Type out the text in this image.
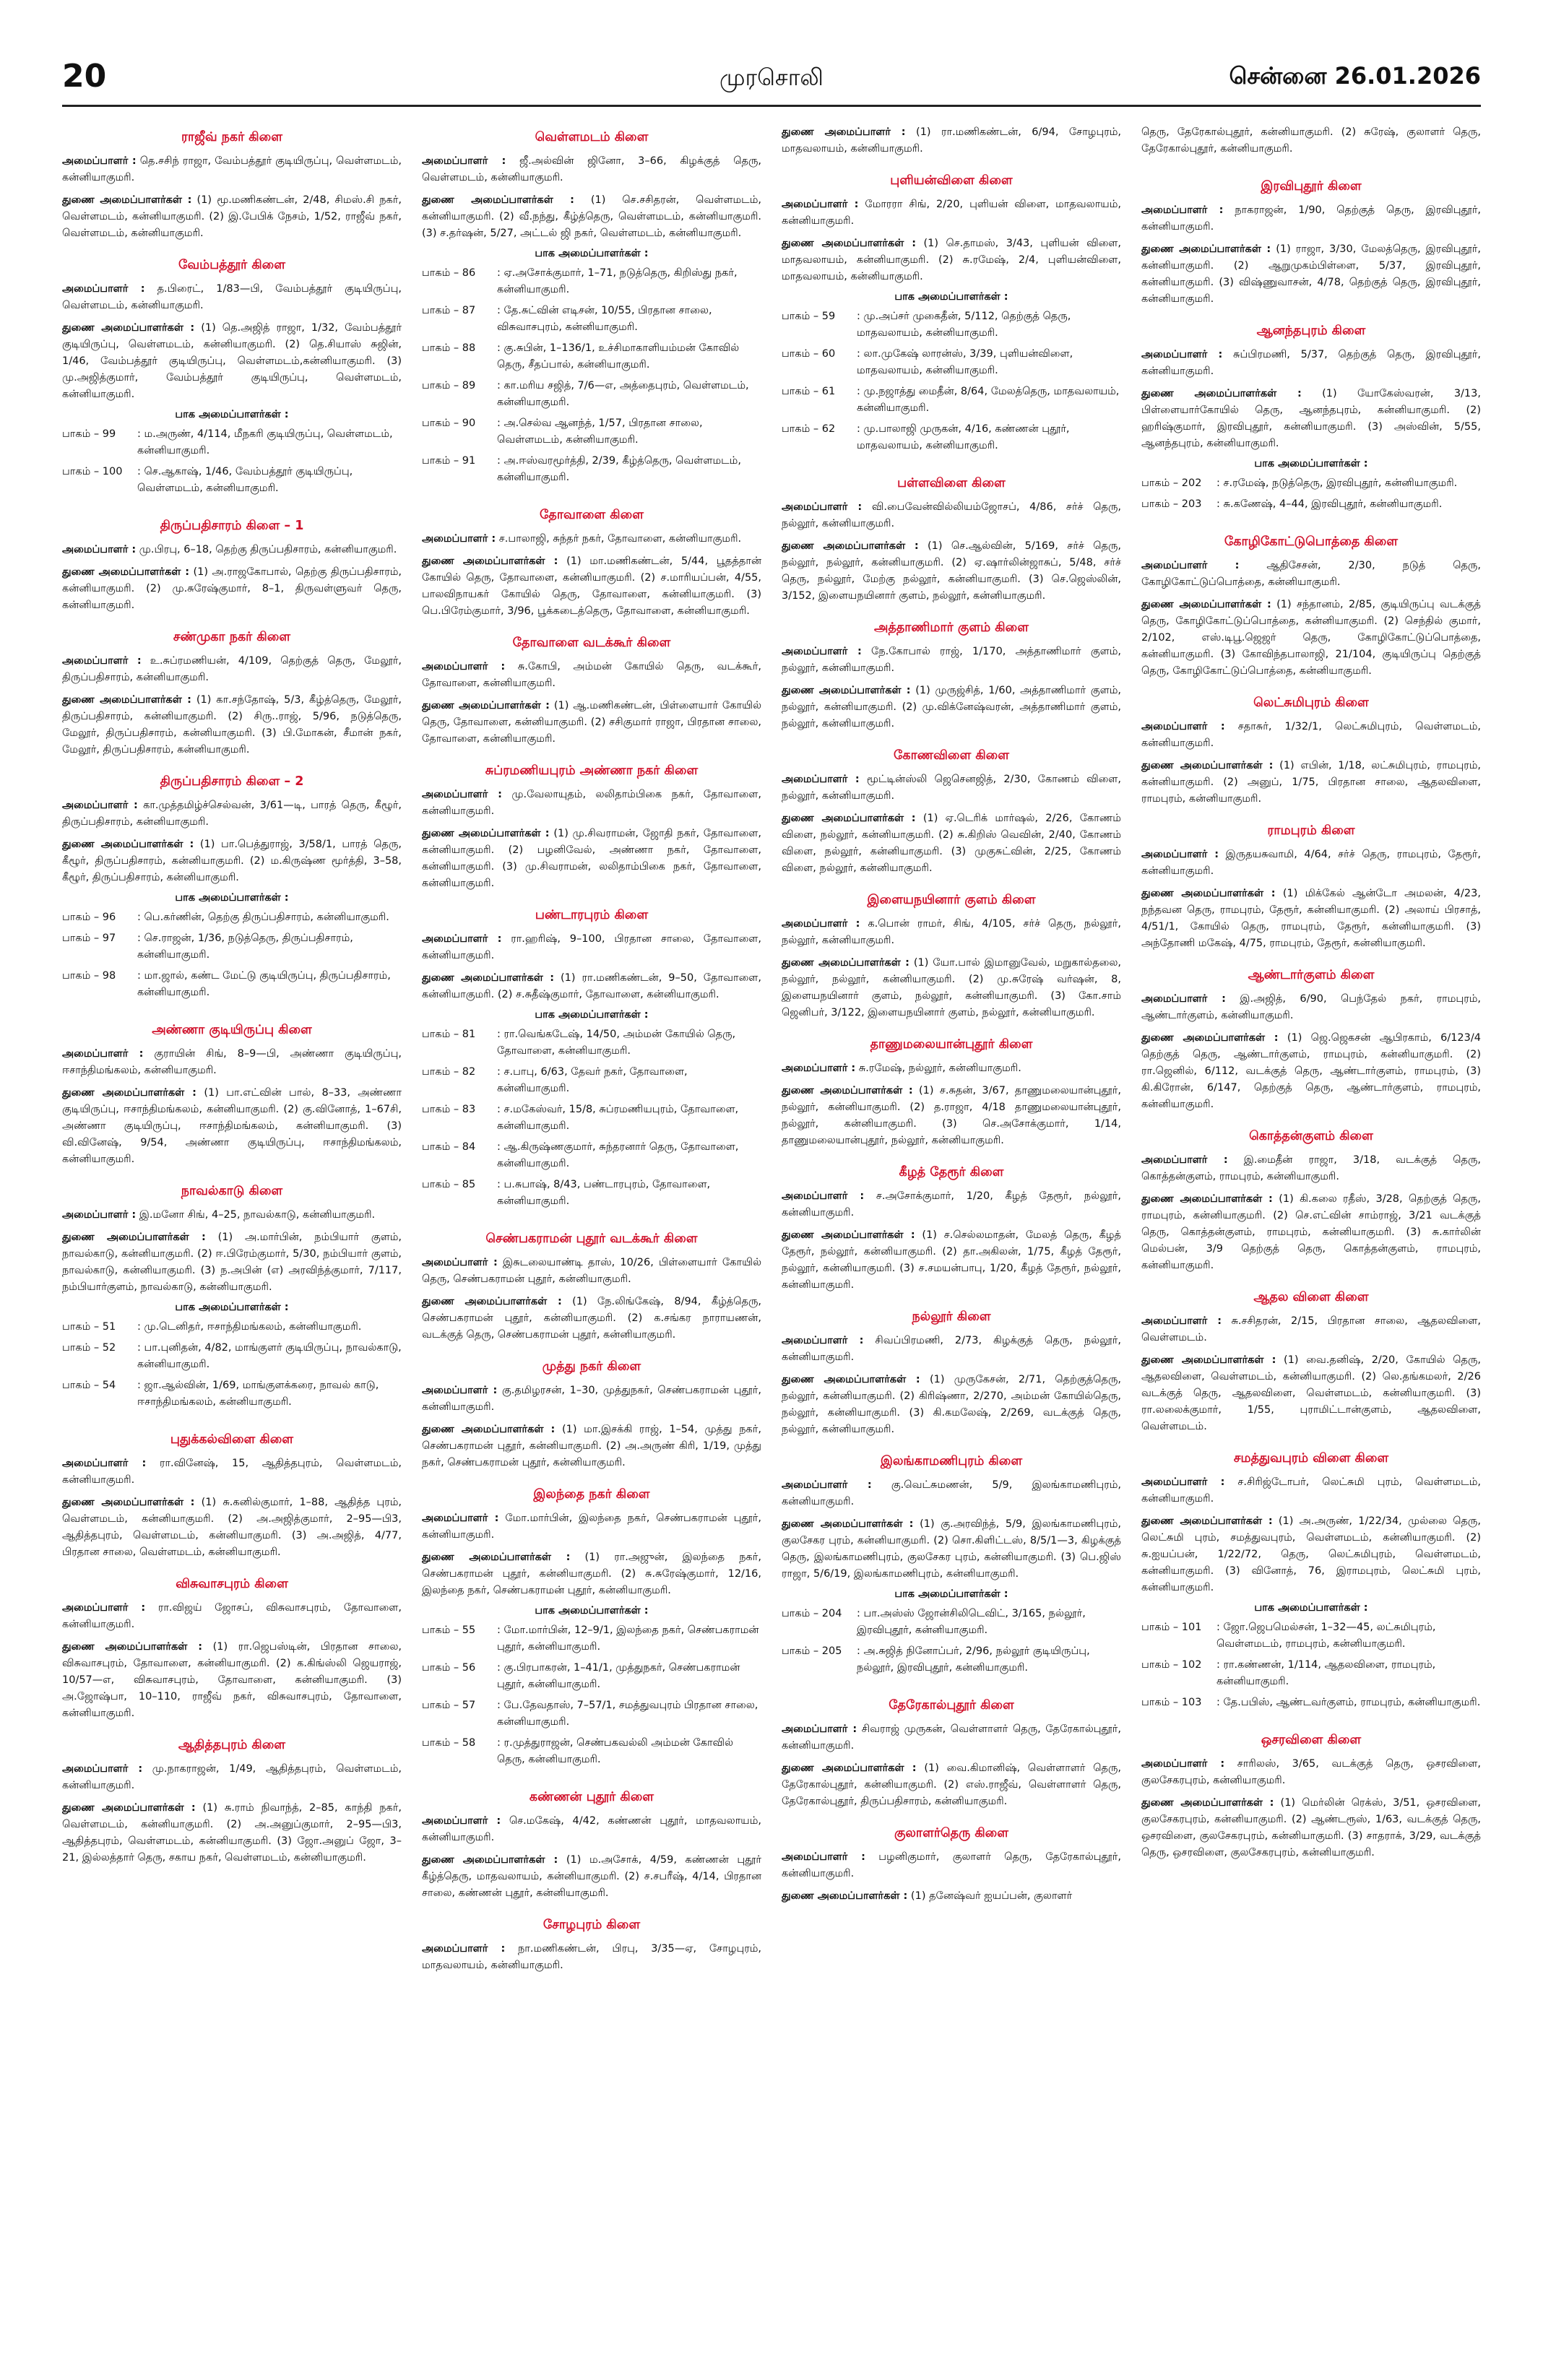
20	முரசொலி	சென்னை 26.01.2026
ராஜீவ் நகர் கிளை
அமைப்பாளர் : தெ.சசிந் ராஜா, வேம்பத்தூர் குடியிருப்பு, வெள்ளமடம், கன்னியாகுமரி.
துணை அமைப்பாளர்கள் : (1) மூ.மணிகண்டன், 2/48, சிமஸ்.சி நகர், வெள்ளமடம், கன்னியாகுமரி. (2) இ.பேபிக் நேசம், 1/52, ராஜீவ் நகர், வெள்ளமடம், கன்னியாகுமரி.
வேம்பத்தூர் கிளை
அமைப்பாளர் : த.பிரைட், 1/83—பி, வேம்பத்தூர் குடியிருப்பு, வெள்ளமடம், கன்னியாகுமரி.
துணை அமைப்பாளர்கள் : (1) தெ.அஜித் ராஜா, 1/32, வேம்பத்தூர் குடியிருப்பு, வெள்ளமடம், கன்னியாகுமரி. (2) தெ.சியாஸ் சுஜின், 1/46, வேம்பத்தூர் குடியிருப்பு, வெள்ளமடம்,கன்னியாகுமரி. (3) மு.அஜித்குமார், வேம்பத்தூர் குடியிருப்பு, வெள்ளமடம், கன்னியாகுமரி.
பாக அமைப்பாளர்கள் :
பாகம் – 99	: ம.அருண், 4/114, மீநகரி குடியிருப்பு, வெள்ளமடம், கன்னியாகுமரி.
பாகம் – 100	: செ.ஆகாஷ், 1/46, வேம்பத்தூர் குடியிருப்பு, வெள்ளமடம், கன்னியாகுமரி.
திருப்பதிசாரம் கிளை – 1
அமைப்பாளர் : மு.பிரபு, 6–18, தெற்கு திருப்பதிசாரம், கன்னியாகுமரி.
துணை அமைப்பாளர்கள் : (1) அ.ராஜகோபால், தெற்கு திருப்பதிசாரம், கன்னியாகுமரி. (2) மு.சுரேஷ்குமார், 8–1, திருவள்ளுவர் தெரு, கன்னியாகுமரி.
சண்முகா நகர் கிளை
அமைப்பாளர் : உ.சுப்ரமணியன், 4/109, தெற்குத் தெரு, மேலூர், திருப்பதிசாரம், கன்னியாகுமரி.
துணை அமைப்பாளர்கள் : (1) கா.சந்தோஷ், 5/3, கீழ்த்தெரு, மேலூர், திருப்பதிசாரம், கன்னியாகுமரி. (2) சிரு..ராஜ், 5/96, நடுத்தெரு, மேலூர், திருப்பதிசாரம், கன்னியாகுமரி. (3) பி.மோகன், சீமான் நகர், மேலூர், திருப்பதிசாரம், கன்னியாகுமரி.
திருப்பதிசாரம் கிளை – 2
அமைப்பாளர் : கா.முத்தமிழ்ச்செல்வன், 3/61—டி, பாரத் தெரு, கீழூர், திருப்பதிசாரம், கன்னியாகுமரி.
துணை அமைப்பாளர்கள் : (1) பா.பெத்துராஜ், 3/58/1, பாரத் தெரு, கீழூர், திருப்பதிசாரம், கன்னியாகுமரி. (2) ம.கிருஷ்ண மூர்த்தி, 3–58, கீழூர், திருப்பதிசாரம், கன்னியாகுமரி.
பாக அமைப்பாளர்கள் :
பாகம் – 96	: பெ.கர்ணின், தெற்கு திருப்பதிசாரம், கன்னியாகுமரி.
பாகம் – 97	: செ.ராஜன், 1/36, நடுத்தெரு, திருப்பதிசாரம், கன்னியாகுமரி.
பாகம் – 98	: மா.ஜால், கண்ட மேட்டு குடியிருப்பு, திருப்பதிசாரம், கன்னியாகுமரி.
அண்ணா குடியிருப்பு கிளை
அமைப்பாளர் : குராயின் சிங், 8–9—பி, அண்ணா குடியிருப்பு, ஈசாந்திமங்கலம், கன்னியாகுமரி.
துணை அமைப்பாளர்கள் : (1) பா.எட்வின் பால், 8–33, அண்ணா குடியிருப்பு, ஈசாந்திமங்கலம், கன்னியாகுமரி. (2) கு.வினோத், 1–67சி, அண்ணா குடியிருப்பு, ஈசாந்திமங்கலம், கன்னியாகுமரி. (3) வி.வினேஷ், 9/54, அண்ணா குடியிருப்பு, ஈசாந்திமங்கலம், கன்னியாகுமரி.
நாவல்காடு கிளை
அமைப்பாளர் : இ.மனோ சிங், 4–25, நாவல்காடு, கன்னியாகுமரி.
துணை அமைப்பாளர்கள் : (1) அ.மார்பின், நம்பியார் குளம், நாவல்காடு, கன்னியாகுமரி. (2) ஈ.பிரேம்குமார், 5/30, நம்பியார் குளம், நாவல்காடு, கன்னியாகுமரி. (3) ந.அபின் (எ) அரவிந்த்குமார், 7/117, நம்பியார்குளம், நாவல்காடு, கன்னியாகுமரி.
பாக அமைப்பாளர்கள் :
பாகம் – 51	: மு.டெனிதர், ஈசாந்திமங்கலம், கன்னியாகுமரி.
பாகம் – 52	: பா.புனிதன், 4/82, மாங்குளர் குடியிருப்பு, நாவல்காடு, கன்னியாகுமரி.
பாகம் – 54	: ஜா.ஆல்வின், 1/69, மாங்குளக்கரை, நாவல் காடு, ஈசாந்திமங்கலம், கன்னியாகுமரி.
புதுக்கல்விளை கிளை
அமைப்பாளர் : ரா.வினேஷ், 15, ஆதித்தபுரம், வெள்ளமடம், கன்னியாகுமரி.
துணை அமைப்பாளர்கள் : (1) சு.கனில்குமார், 1–88, ஆதித்த புரம், வெள்ளமடம், கன்னியாகுமரி. (2) அ.அஜித்குமார், 2–95—பி3, ஆதித்தபுரம், வெள்ளமடம், கன்னியாகுமரி. (3) அ.அஜித், 4/77, பிரதான சாலை, வெள்ளமடம், கன்னியாகுமரி.
விசுவாசபுரம் கிளை
அமைப்பாளர் : ரா.விஜய் ஜோசப், விசுவாசபுரம், தோவாளை, கன்னியாகுமரி.
துணை அமைப்பாளர்கள் : (1) ரா.ஜெபஸ்டின், பிரதான சாலை, விசுவாசபுரம், தோவாளை, கன்னியாகுமரி. (2) க.கிங்ஸ்லி ஜெயராஜ், 10/57—எ, விசுவாசபுரம், தோவாளை, கன்னியாகுமரி. (3) அ.ஜோஷ்பா, 10–110, ராஜீவ் நகர், விசுவாசபுரம், தோவாளை, கன்னியாகுமரி.
ஆதித்தபுரம் கிளை
அமைப்பாளர் : மு.நாகராஜன், 1/49, ஆதித்தபுரம், வெள்ளமடம், கன்னியாகுமரி.
துணை அமைப்பாளர்கள் : (1) சு.ராம் நிவாந்த், 2–85, காந்தி நகர், வெள்ளமடம், கன்னியாகுமரி. (2) அ.அனுப்குமார், 2–95—பி3, ஆதித்தபுரம், வெள்ளமடம், கன்னியாகுமரி. (3) ஜோ.அனுப் ஜோ, 3–21, இல்லத்தார் தெரு, சகாய நகர், வெள்ளமடம், கன்னியாகுமரி.
வெள்ளமடம் கிளை
அமைப்பாளர் : ஜீ.அல்வின் ஜினோ, 3–66, கிழக்குத் தெரு, வெள்ளமடம், கன்னியாகுமரி.
துணை அமைப்பாளர்கள் : (1) செ.சசிதரன், வெள்ளமடம், கன்னியாகுமரி. (2) வீ.நந்து, கீழ்த்தெரு, வெள்ளமடம், கன்னியாகுமரி. (3) ச.தர்ஷன், 5/27, அட்டல் ஜி நகர், வெள்ளமடம், கன்னியாகுமரி.
பாக அமைப்பாளர்கள் :
பாகம் – 86	: ஏ.அசோக்குமார், 1–71, நடுத்தெரு, கிறிஸ்து நகர், கன்னியாகுமரி.
பாகம் – 87	: தே.சுட்வின் எடிசன், 10/55, பிரதான சாலை, விசுவாசபுரம், கன்னியாகுமரி.
பாகம் – 88	: கு.சுபின், 1–136/1, உச்சிமாகாளியம்மன் கோவில் தெரு, சீதப்பால், கன்னியாகுமரி.
பாகம் – 89	: கா.மரிய சஜித், 7/6—எ, அத்தைபுரம், வெள்ளமடம், கன்னியாகுமரி.
பாகம் – 90	: அ.செல்வ ஆனந்த், 1/57, பிரதான சாலை, வெள்ளமடம், கன்னியாகுமரி.
பாகம் – 91	: அ.ஈஸ்வரமூர்த்தி, 2/39, கீழ்த்தெரு, வெள்ளமடம், கன்னியாகுமரி.
தோவாளை கிளை
அமைப்பாளர் : ச.பாலாஜி, சுந்தர் நகர், தோவாளை, கன்னியாகுமரி.
துணை அமைப்பாளர்கள் : (1) மா.மணிகண்டன், 5/44, பூதத்தான் கோயில் தெரு, தோவாளை, கன்னியாகுமரி. (2) ச.மாரியப்பன், 4/55, பாலவிநாயகர் கோயில் தெரு, தோவாளை, கன்னியாகுமரி. (3) பெ.பிரேம்குமார், 3/96, பூக்கடைத்தெரு, தோவாளை, கன்னியாகுமரி.
தோவாளை வடக்கூர் கிளை
அமைப்பாளர் : சு.கோபி, அம்மன் கோயில் தெரு, வடக்கூர், தோவாளை, கன்னியாகுமரி.
துணை அமைப்பாளர்கள் : (1) ஆ.மணிகண்டன், பிள்ளையார் கோயில் தெரு, தோவாளை, கன்னியாகுமரி. (2) சசிகுமார் ராஜா, பிரதான சாலை, தோவாளை, கன்னியாகுமரி.
சுப்ரமணியபுரம் அண்ணா நகர் கிளை
அமைப்பாளர் : மு.வேலாயுதம், லலிதாம்பிகை நகர், தோவாளை, கன்னியாகுமரி.
துணை அமைப்பாளர்கள் : (1) மு.சிவராமன், ஜோதி நகர், தோவாளை, கன்னியாகுமரி. (2) பழனிவேல், அண்ணா நகர், தோவாளை, கன்னியாகுமரி. (3) மு.சிவராமன், லலிதாம்பிகை நகர், தோவாளை, கன்னியாகுமரி.
பண்டாரபுரம் கிளை
அமைப்பாளர் : ரா.ஹரிஷ், 9–100, பிரதான சாலை, தோவாளை, கன்னியாகுமரி.
துணை அமைப்பாளர்கள் : (1) ரா.மணிகண்டன், 9–50, தோவாளை, கன்னியாகுமரி. (2) ச.சுதீஷ்குமார், தோவாளை, கன்னியாகுமரி.
பாக அமைப்பாளர்கள் :
பாகம் – 81	: ரா.வெங்கடேஷ், 14/50, அம்மன் கோயில் தெரு, தோவாளை, கன்னியாகுமரி.
பாகம் – 82	: ச.பாபு, 6/63, தேவர் நகர், தோவாளை, கன்னியாகுமரி.
பாகம் – 83	: ச.மகேஸ்வர், 15/8, சுப்ரமணியபுரம், தோவாளை, கன்னியாகுமரி.
பாகம் – 84	: ஆ.கிருஷ்ணகுமார், சுந்தரனார் தெரு, தோவாளை, கன்னியாகுமரி.
பாகம் – 85	: ப.சுபாஷ், 8/43, பண்டாரபுரம், தோவாளை, கன்னியாகுமரி.
செண்பகராமன் புதூர் வடக்கூர் கிளை
அமைப்பாளர் : இசுடலையாண்டி தாஸ், 10/26, பிள்ளையார் கோயில் தெரு, செண்பகராமன் புதூர், கன்னியாகுமரி.
துணை அமைப்பாளர்கள் : (1) நே.லிங்கேஷ், 8/94, கீழ்த்தெரு, செண்பகராமன் புதூர், கன்னியாகுமரி. (2) க.சங்கர நாராயணன், வடக்குத் தெரு, செண்பகராமன் புதூர், கன்னியாகுமரி.
முத்து நகர் கிளை
அமைப்பாளர் : கு.தமிழரசன், 1–30, முத்துநகர், செண்பகராமன் புதூர், கன்னியாகுமரி.
துணை அமைப்பாளர்கள் : (1) மா.இசக்கி ராஜ், 1–54, முத்து நகர், செண்பகராமன் புதூர், கன்னியாகுமரி. (2) அ.அருண் கிரி, 1/19, முத்து நகர், செண்பகராமன் புதூர், கன்னியாகுமரி.
இலந்தை நகர் கிளை
அமைப்பாளர் : மோ.மார்பின், இலந்தை நகர், செண்பகராமன் புதூர், கன்னியாகுமரி.
துணை அமைப்பாளர்கள் : (1) ரா.அஜுன், இலந்தை நகர், செண்பகராமன் புதூர், கன்னியாகுமரி. (2) சு.சுரேஷ்குமார், 12/16, இலந்தை நகர், செண்பகராமன் புதூர், கன்னியாகுமரி.
பாக அமைப்பாளர்கள் :
பாகம் – 55	: மோ.மார்பின், 12–9/1, இலந்தை நகர், செண்பகராமன் புதூர், கன்னியாகுமரி.
பாகம் – 56	: கு.பிரபாகரன், 1–41/1, முத்துநகர், செண்பகராமன் புதூர், கன்னியாகுமரி.
பாகம் – 57	: பே.தேவதாஸ், 7–57/1, சமத்துவபுரம் பிரதான சாலை, கன்னியாகுமரி.
பாகம் – 58	: ர.முத்துராஜன், செண்பகவல்லி அம்மன் கோவில் தெரு, கன்னியாகுமரி.
கண்ணன் புதூர் கிளை
அமைப்பாளர் : செ.மகேஷ், 4/42, கண்ணன் புதூர், மாதவலாயம், கன்னியாகுமரி.
துணை அமைப்பாளர்கள் : (1) ம.அசோக், 4/59, கண்ணன் புதூர் கீழ்த்தெரு, மாதவலாயம், கன்னியாகுமரி. (2) ச.சபரீஷ், 4/14, பிரதான சாலை, கண்ணன் புதூர், கன்னியாகுமரி.
சோழபுரம் கிளை
அமைப்பாளர் : நா.மணிகண்டன், பிரபு, 3/35—ஏ, சோழபுரம், மாதவலாயம், கன்னியாகுமரி.
துணை அமைப்பாளர் : (1) ரா.மணிகண்டன், 6/94, சோழபுரம், மாதவலாயம், கன்னியாகுமரி.
புளியன்விளை கிளை
அமைப்பாளர் : மோரரா சிங், 2/20, புளியன் விளை, மாதவலாயம், கன்னியாகுமரி.
துணை அமைப்பாளர்கள் : (1) செ.தாமஸ், 3/43, புளியன் விளை, மாதவலாயம், கன்னியாகுமரி. (2) சு.ரமேஷ், 2/4, புளியன்விளை, மாதவலாயம், கன்னியாகுமரி.
பாக அமைப்பாளர்கள் :
பாகம் – 59	: மு.அப்சர் முகைதீன், 5/112, தெற்குத் தெரு, மாதவலாயம், கன்னியாகுமரி.
பாகம் – 60	: லா.முகேஷ் லாரன்ஸ், 3/39, புளியன்விளை, மாதவலாயம், கன்னியாகுமரி.
பாகம் – 61	: மு.நஜாத்து மைதீன், 8/64, மேலத்தெரு, மாதவலாயம், கன்னியாகுமரி.
பாகம் – 62	: மு.பாலாஜி முருகன், 4/16, கண்ணன் புதூர், மாதவலாயம், கன்னியாகுமரி.
பள்ளவிளை கிளை
அமைப்பாளர் : வி.பைவேன்வில்லியம்ஜோசப், 4/86, சர்ச் தெரு, நல்லூர், கன்னியாகுமரி.
துணை அமைப்பாளர்கள் : (1) செ.ஆல்வின், 5/169, சர்ச் தெரு, நல்லூர், நல்லூர், கன்னியாகுமரி. (2) ஏ.ஷார்லின்ஜாசுப், 5/48, சர்ச் தெரு, நல்லூர், மேற்கு நல்லூர், கன்னியாகுமரி. (3) செ.ஜெஸ்லின், 3/152, இளையநயினார் குளம், நல்லூர், கன்னியாகுமரி.
அத்தாணிமார் குளம் கிளை
அமைப்பாளர் : நே.கோபால் ராஜ், 1/170, அத்தாணிமார் குளம், நல்லூர், கன்னியாகுமரி.
துணை அமைப்பாளர்கள் : (1) முருஜ்சித், 1/60, அத்தாணிமார் குளம், நல்லூர், கன்னியாகுமரி. (2) மு.விக்னேஷ்வரன், அத்தாணிமார் குளம், நல்லூர், கன்னியாகுமரி.
கோணவிளை கிளை
அமைப்பாளர் : மூட்டின்ஸ்லி ஜெசெனஜித், 2/30, கோணம் விளை, நல்லூர், கன்னியாகுமரி.
துணை அமைப்பாளர்கள் : (1) ஏ.டெரிக் மார்ஷல், 2/26, கோணம் விளை, நல்லூர், கன்னியாகுமரி. (2) சு.கிறிஸ் வெவின், 2/40, கோணம் விளை, நல்லூர், கன்னியாகுமரி. (3) முகுசுட்வின், 2/25, கோணம் விளை, நல்லூர், கன்னியாகுமரி.
இளையநயினார் குளம் கிளை
அமைப்பாளர் : க.பொன் ராமர், சிங், 4/105, சர்ச் தெரு, நல்லூர், நல்லூர், கன்னியாகுமரி.
துணை அமைப்பாளர்கள் : (1) யோ.பால் இமானுவேல், மறுகால்தலை, நல்லூர், நல்லூர், கன்னியாகுமரி. (2) மு.சுரேஷ் வர்ஷன், 8, இளையநயினார் குளம், நல்லூர், கன்னியாகுமரி. (3) கோ.சாம் ஜெனிபர், 3/122, இளையநயினார் குளம், நல்லூர், கன்னியாகுமரி.
தாணுமலையான்புதூர் கிளை
அமைப்பாளர் : சு.ரமேஷ், நல்லூர், கன்னியாகுமரி.
துணை அமைப்பாளர்கள் : (1) ச.சுதன், 3/67, தாணுமலையான்புதூர், நல்லூர், கன்னியாகுமரி. (2) த.ராஜா, 4/18 தாணுமலையான்புதூர், நல்லூர், கன்னியாகுமரி. (3) செ.அசோக்குமார், 1/14, தாணுமலையான்புதூர், நல்லூர், கன்னியாகுமரி.
கீழத் தேரூர் கிளை
அமைப்பாளர் : ச.அசோக்குமார், 1/20, கீழத் தேரூர், நல்லூர், கன்னியாகுமரி.
துணை அமைப்பாளர்கள் : (1) ச.செல்லமாதன், மேலத் தெரு, கீழத் தேரூர், நல்லூர், கன்னியாகுமரி. (2) தா.அகிலன், 1/75, கீழத் தேரூர், நல்லூர், கன்னியாகுமரி. (3) ச.சமயன்பாபு, 1/20, கீழத் தேரூர், நல்லூர், கன்னியாகுமரி.
நல்லூர் கிளை
அமைப்பாளர் : சிவப்பிரமணி, 2/73, கிழக்குத் தெரு, நல்லூர், கன்னியாகுமரி.
துணை அமைப்பாளர்கள் : (1) முருகேசன், 2/71, தெற்குத்தெரு, நல்லூர், கன்னியாகுமரி. (2) கிரிஷ்ணா, 2/270, அம்மன் கோயில்தெரு, நல்லூர், கன்னியாகுமரி. (3) கி.கமலேஷ், 2/269, வடக்குத் தெரு, நல்லூர், கன்னியாகுமரி.
இலங்காமணிபுரம் கிளை
அமைப்பாளர் : கு.வெட்சுமணன், 5/9, இலங்காமணிபுரம், கன்னியாகுமரி.
துணை அமைப்பாளர்கள் : (1) கு.அரவிந்த், 5/9, இலங்காமணிபுரம், குலசேகர புரம், கன்னியாகுமரி. (2) சொ.கிளிட்டஸ், 8/5/1—3, கிழக்குத் தெரு, இலங்காமணிபுரம், குலசேகர புரம், கன்னியாகுமரி. (3) பெ.ஜிஸ் ராஜா, 5/6/19, இலங்காமணிபுரம், கன்னியாகுமரி.
பாக அமைப்பாளர்கள் :
பாகம் – 204	: பா.அஸ்ஸ் ஜோன்சிலிடெவிட், 3/165, நல்லூர், இரவிபுதூர், கன்னியாகுமரி.
பாகம் – 205	: அ.சுஜித் நினோப்பர், 2/96, நல்லூர் குடியிருப்பு, நல்லூர், இரவிபுதூர், கன்னியாகுமரி.
தேரேகால்புதூர் கிளை
அமைப்பாளர் : சிவராஜ் முருகன், வெள்ளாளர் தெரு, தேரேகால்புதூர், கன்னியாகுமரி.
துணை அமைப்பாளர்கள் : (1) வை.கிமானிஷ், வெள்ளாளர் தெரு, தேரேகால்புதூர், கன்னியாகுமரி. (2) எஸ்.ராஜீவ், வெள்ளாளர் தெரு, தேரேகால்புதூர், திருப்பதிசாரம், கன்னியாகுமரி.
குலாளர்தெரு கிளை
அமைப்பாளர் : பழனிகுமார், குலாளர் தெரு, தேரேகால்புதூர், கன்னியாகுமரி.
துணை அமைப்பாளர்கள் : (1) தனேஷ்வர் ஐயப்பன், குலாளர்
தெரு, தேரேகால்புதூர், கன்னியாகுமரி. (2) சுரேஷ், குலாளர் தெரு, தேரேகால்புதூர், கன்னியாகுமரி.
இரவிபுதூர் கிளை
அமைப்பாளர் : நாகராஜன், 1/90, தெற்குத் தெரு, இரவிபுதூர், கன்னியாகுமரி.
துணை அமைப்பாளர்கள் : (1) ராஜா, 3/30, மேலத்தெரு, இரவிபுதூர், கன்னியாகுமரி. (2) ஆறுமுகம்பிள்ளை, 5/37, இரவிபுதூர், கன்னியாகுமரி. (3) விஷ்ணுவாசன், 4/78, தெற்குத் தெரு, இரவிபுதூர், கன்னியாகுமரி.
ஆனந்தபுரம் கிளை
அமைப்பாளர் : சுப்பிரமணி, 5/37, தெற்குத் தெரு, இரவிபுதூர், கன்னியாகுமரி.
துணை அமைப்பாளர்கள் : (1) யோகேஸ்வரன், 3/13, பிள்ளையார்கோயில் தெரு, ஆனந்தபுரம், கன்னியாகுமரி. (2) ஹரிஷ்குமார், இரவிபுதூர், கன்னியாகுமரி. (3) அஸ்வின், 5/55, ஆனந்தபுரம், கன்னியாகுமரி.
பாக அமைப்பாளர்கள் :
பாகம் – 202	: ச.ரமேஷ், நடுத்தெரு, இரவிபுதூர், கன்னியாகுமரி.
பாகம் – 203	: சு.கணேஷ், 4–44, இரவிபுதூர், கன்னியாகுமரி.
கோழிகோட்டுபொத்தை கிளை
அமைப்பாளர் : ஆதிசேசன், 2/30, நடுத் தெரு, கோழிகோட்டுப்பொத்தை, கன்னியாகுமரி.
துணை அமைப்பாளர்கள் : (1) சந்தானம், 2/85, குடியிருப்பு வடக்குத் தெரு, கோழிகோட்டுப்பொத்தை, கன்னியாகுமரி. (2) செந்தில் குமார், 2/102, எஸ்.டிபூ.ஜெஜர் தெரு, கோழிகோட்டுப்பொத்தை, கன்னியாகுமரி. (3) கோவிந்தபாலாஜி, 21/104, குடியிருப்பு தெற்குத் தெரு, கோழிகோட்டுப்பொத்தை, கன்னியாகுமரி.
லெட்சுமிபுரம் கிளை
அமைப்பாளர் : சதாசுர், 1/32/1, லெட்சுமிபுரம், வெள்ளமடம், கன்னியாகுமரி.
துணை அமைப்பாளர்கள் : (1) எபின், 1/18, லட்சுமிபுரம், ராமபுரம், கன்னியாகுமரி. (2) அனுப், 1/75, பிரதான சாலை, ஆதலவிளை, ராமபுரம், கன்னியாகுமரி.
ராமபுரம் கிளை
அமைப்பாளர் : இருதயசுவாமி, 4/64, சர்ச் தெரு, ராமபுரம், தேரூர், கன்னியாகுமரி.
துணை அமைப்பாளர்கள் : (1) மிக்கேல் ஆன்டோ அமலன், 4/23, நந்தவன தெரு, ராமபுரம், தேரூர், கன்னியாகுமரி. (2) அலாய் பிரசாத், 4/51/1, கோயில் தெரு, ராமபுரம், தேரூர், கன்னியாகுமரி. (3) அந்தோணி மகேஷ், 4/75, ராமபுரம், தேரூர், கன்னியாகுமரி.
ஆண்டார்குளம் கிளை
அமைப்பாளர் : இ.அஜித், 6/90, பெந்தேல் நகர், ராமபுரம், ஆண்டார்குளம், கன்னியாகுமரி.
துணை அமைப்பாளர்கள் : (1) ஜெ.ஜெகசன் ஆபிரகாம், 6/123/4 தெற்குத் தெரு, ஆண்டார்குளம், ராமபுரம், கன்னியாகுமரி. (2) ரா.ஜெனில், 6/112, வடக்குத் தெரு, ஆண்டார்குளம், ராமபுரம், (3) கி.கிரோன், 6/147, தெற்குத் தெரு, ஆண்டார்குளம், ராமபுரம், கன்னியாகுமரி.
கொத்தன்குளம் கிளை
அமைப்பாளர் : இ.மைதீன் ராஜா, 3/18, வடக்குத் தெரு, கொத்தன்குளம், ராமபுரம், கன்னியாகுமரி.
துணை அமைப்பாளர்கள் : (1) கி.கலை ரதீஸ், 3/28, தெற்குத் தெரு, ராமபுரம், கன்னியாகுமரி. (2) செ.எட்வின் சாம்ராஜ், 3/21 வடக்குத் தெரு, கொத்தன்குளம், ராமபுரம், கன்னியாகுமரி. (3) சு.கார்லின் மெல்பன், 3/9 தெற்குத் தெரு, கொத்தன்குளம், ராமபுரம், கன்னியாகுமரி.
ஆதல விளை கிளை
அமைப்பாளர் : சு.சசிதரன், 2/15, பிரதான சாலை, ஆதலவிளை, வெள்ளமடம்.
துணை அமைப்பாளர்கள் : (1) வை.தனிஷ், 2/20, கோயில் தெரு, ஆதலவிளை, வெள்ளமடம், கன்னியாகுமரி. (2) லெ.தங்கமலர், 2/26 வடக்குத் தெரு, ஆதலவிளை, வெள்ளமடம், கன்னியாகுமரி. (3) ரா.லலைக்குமார், 1/55, புராமிட்டான்குளம், ஆதலவிளை, வெள்ளமடம்.
சமத்துவபுரம் விளை கிளை
அமைப்பாளர் : ச.சிரிஜ்டோபர், லெட்சுமி புரம், வெள்ளமடம், கன்னியாகுமரி.
துணை அமைப்பாளர்கள் : (1) அ.அருண், 1/22/34, முல்லை தெரு, லெட்சுமி புரம், சமத்துவபுரம், வெள்ளமடம், கன்னியாகுமரி. (2) சு.ஐயப்பன், 1/22/72, தெரு, லெட்சுமிபுரம், வெள்ளமடம், கன்னியாகுமரி. (3) வினோத், 76, இராமபுரம், லெட்சுமி புரம், கன்னியாகுமரி.
பாக அமைப்பாளர்கள் :
பாகம் – 101	: ஜோ.ஜெபமெல்சன், 1–32—45, லட்சுமிபுரம், வெள்ளமடம், ராமபுரம், கன்னியாகுமரி.
பாகம் – 102	: ரா.கண்ணன், 1/114, ஆதலவிளை, ராமபுரம், கன்னியாகுமரி.
பாகம் – 103	: தே.பபிஸ், ஆண்டவர்குளம், ராமபுரம், கன்னியாகுமரி.
ஒசரவிளை கிளை
அமைப்பாளர் : சாரிலஸ், 3/65, வடக்குத் தெரு, ஒசரவிளை, குலசேகரபுரம், கன்னியாகுமரி.
துணை அமைப்பாளர்கள் : (1) மெர்லின் ரெக்ஸ், 3/51, ஒசரவிளை, குலசேகரபுரம், கன்னியாகுமரி. (2) ஆண்டரூஸ், 1/63, வடக்குத் தெரு, ஒசரவிளை, குலசேகரபுரம், கன்னியாகுமரி. (3) சாதராக், 3/29, வடக்குத் தெரு, ஒசரவிளை, குலசேகரபுரம், கன்னியாகுமரி.
